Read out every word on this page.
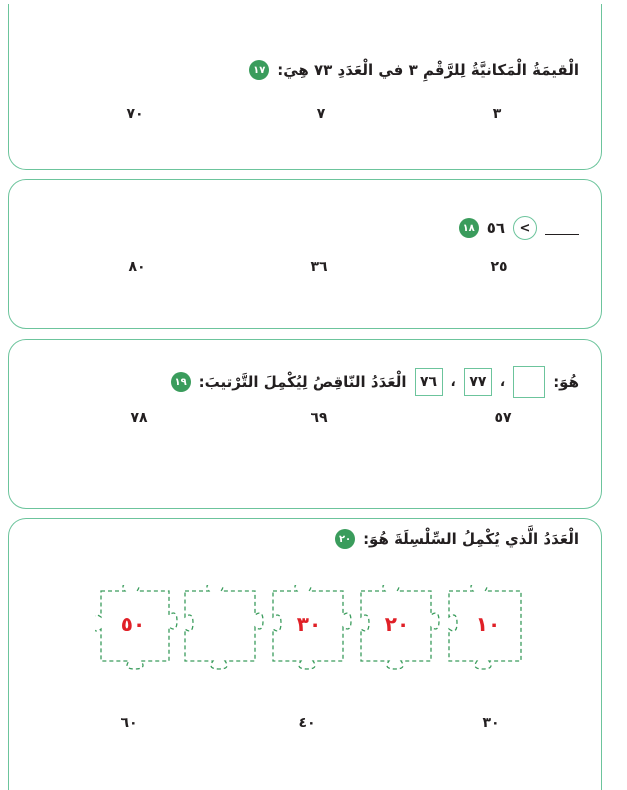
١٧ الْقيمَةُ الْمَكانيَّةُ لِلرَّقْمِ ٣ في الْعَدَدِ ٧٣ هِيَ:
٣
٧
٧٠
١٨ ٥٦	>
٢٥
٣٦
٨٠
١٩ الْعَدَدُ النّاقِصُ لِيُكْمِلَ التَّرْتيبَ: ٧٦ ، ٧٧ ،	هُوَ:
٥٧
٦٩
٧٨
٢٠ الْعَدَدُ الَّذي يُكْمِلُ السِّلْسِلَةَ هُوَ:
٣٠
٤٠
٦٠
٥٠	٣٠	٢٠	١٠
